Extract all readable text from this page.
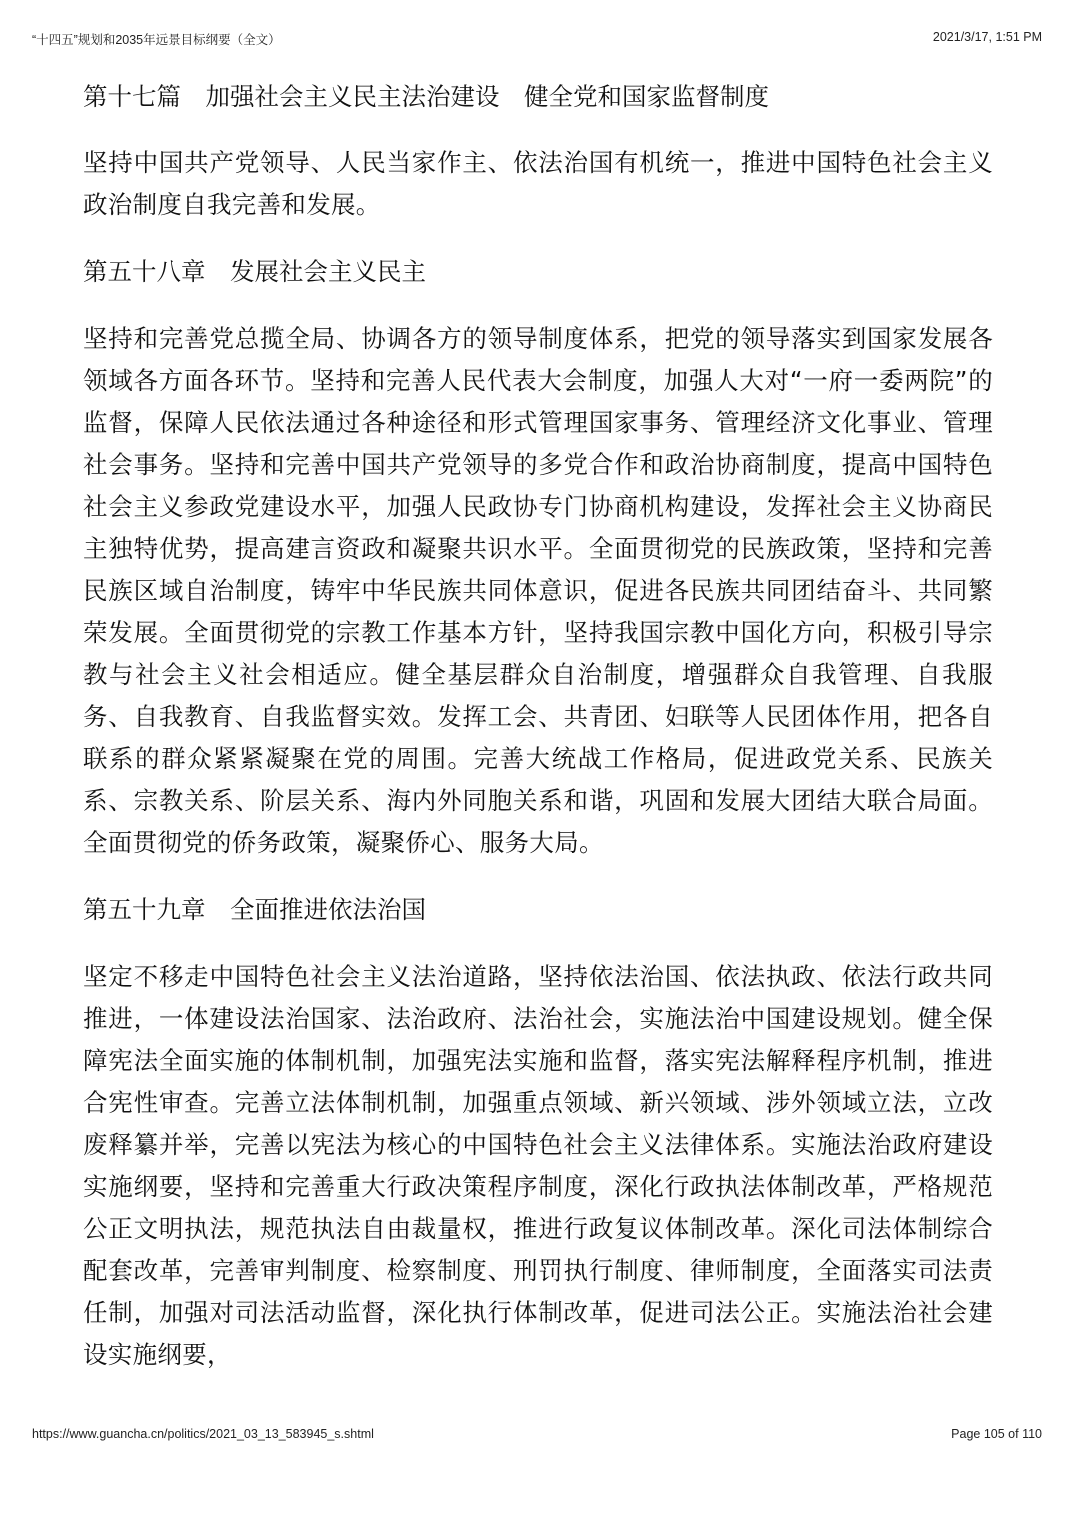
“十四五”规划和2035年远景目标纲要（全文）	2021/3/17, 1:51 PM
第十七篇　加强社会主义民主法治建设　健全党和国家监督制度

坚持中国共产党领导、人民当家作主、依法治国有机统一，推进中国特色社会主义政治制度自我完善和发展。

第五十八章　发展社会主义民主

坚持和完善党总揽全局、协调各方的领导制度体系，把党的领导落实到国家发展各领域各方面各环节。坚持和完善人民代表大会制度，加强人大对“一府一委两院”的监督，保障人民依法通过各种途径和形式管理国家事务、管理经济文化事业、管理社会事务。坚持和完善中国共产党领导的多党合作和政治协商制度，提高中国特色社会主义参政党建设水平，加强人民政协专门协商机构建设，发挥社会主义协商民主独特优势，提高建言资政和凝聚共识水平。全面贯彻党的民族政策，坚持和完善民族区域自治制度，铸牢中华民族共同体意识，促进各民族共同团结奋斗、共同繁荣发展。全面贯彻党的宗教工作基本方针，坚持我国宗教中国化方向，积极引导宗教与社会主义社会相适应。健全基层群众自治制度，增强群众自我管理、自我服务、自我教育、自我监督实效。发挥工会、共青团、妇联等人民团体作用，把各自联系的群众紧紧凝聚在党的周围。完善大统战工作格局，促进政党关系、民族关系、宗教关系、阶层关系、海内外同胞关系和谐，巩固和发展大团结大联合局面。全面贯彻党的侨务政策，凝聚侨心、服务大局。

第五十九章　全面推进依法治国

坚定不移走中国特色社会主义法治道路，坚持依法治国、依法执政、依法行政共同推进，一体建设法治国家、法治政府、法治社会，实施法治中国建设规划。健全保障宪法全面实施的体制机制，加强宪法实施和监督，落实宪法解释程序机制，推进合宪性审查。完善立法体制机制，加强重点领域、新兴领域、涉外领域立法，立改废释纂并举，完善以宪法为核心的中国特色社会主义法律体系。实施法治政府建设实施纲要，坚持和完善重大行政决策程序制度，深化行政执法体制改革，严格规范公正文明执法，规范执法自由裁量权，推进行政复议体制改革。深化司法体制综合配套改革，完善审判制度、检察制度、刑罚执行制度、律师制度，全面落实司法责任制，加强对司法活动监督，深化执行体制改革，促进司法公正。实施法治社会建设实施纲要，

https://www.guancha.cn/politics/2021_03_13_583945_s.shtml	Page 105 of 110
